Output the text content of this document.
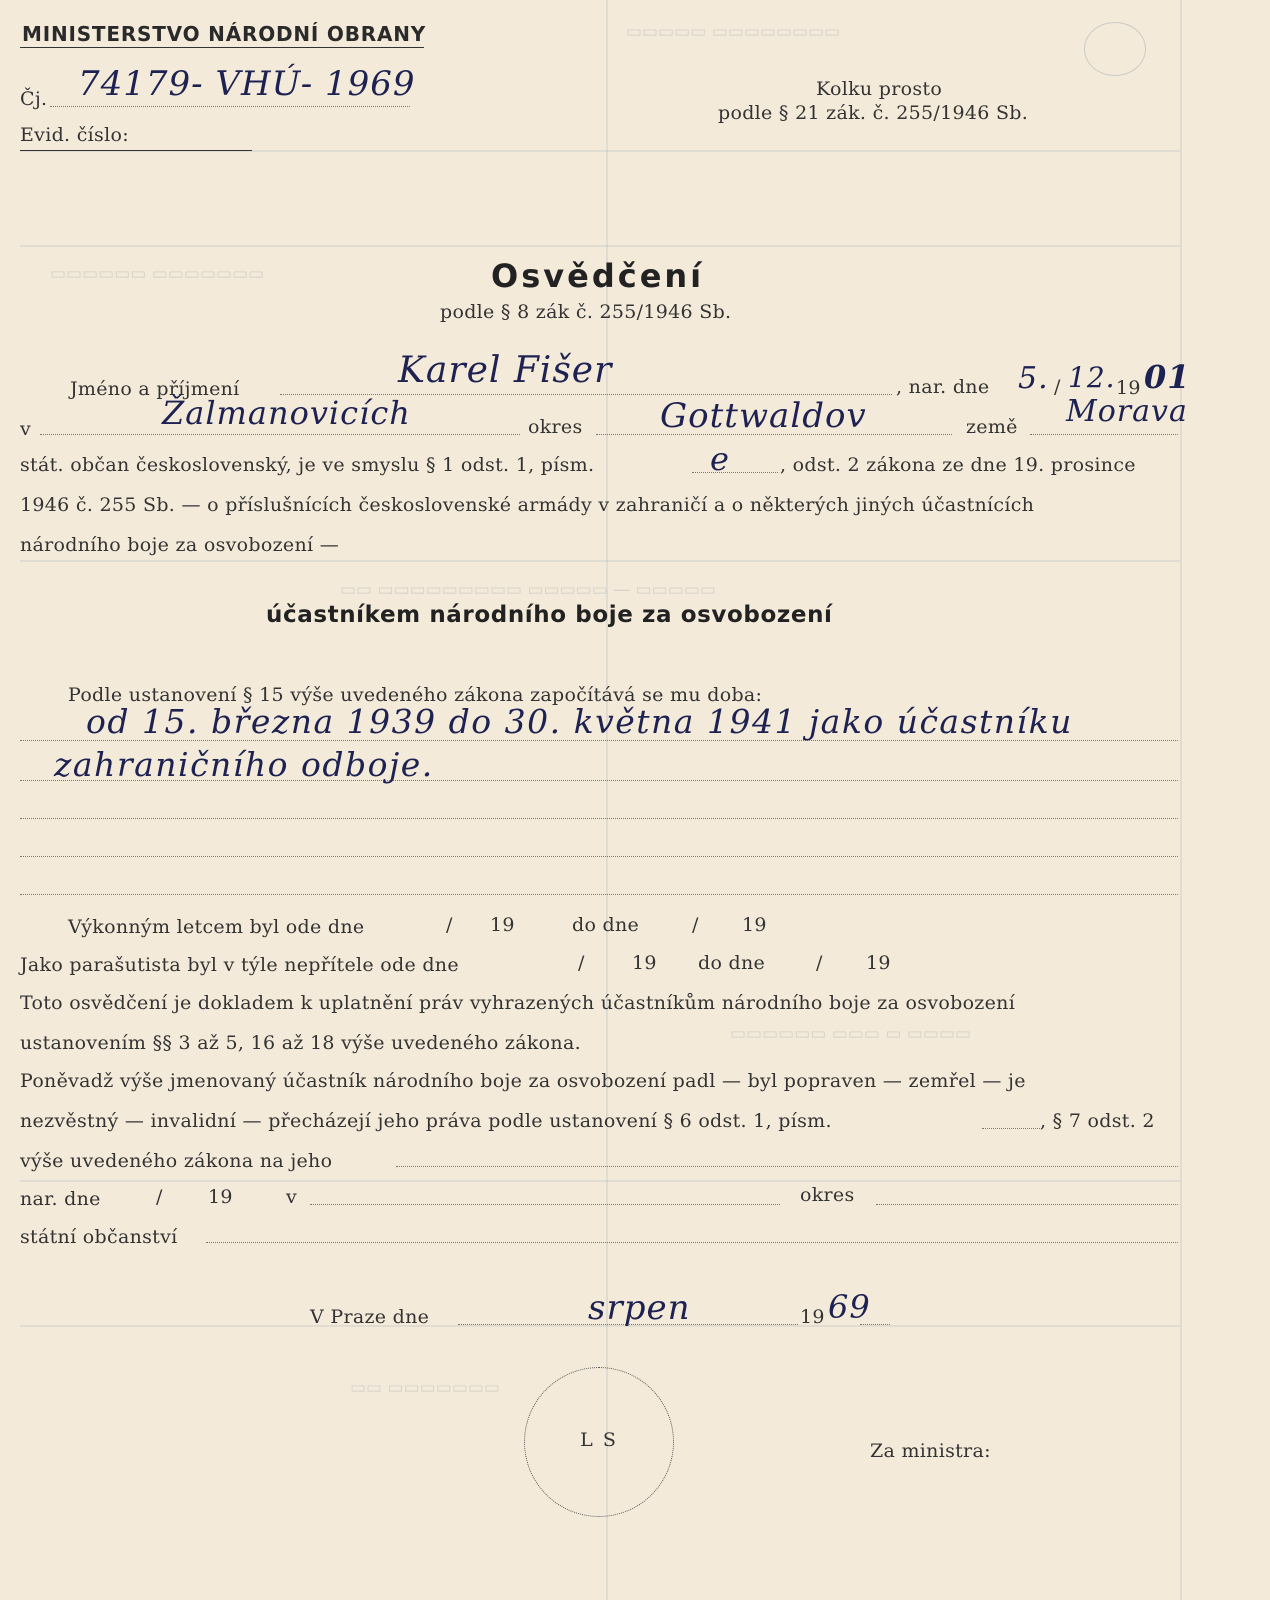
▭▭▭▭▭ ▭▭▭▭▭▭▭▭
▭▭▭▭▭▭ ▭▭▭▭▭▭▭
▭▭ ▭▭▭▭▭▭▭▭▭ ▭▭▭▭▭ — ▭▭▭▭▭
▭▭▭▭▭▭ ▭▭▭ ▭ ▭▭▭▭
▭▭ ▭▭▭▭▭▭▭
MINISTERSTVO NÁRODNÍ OBRANY
Čj. 74179- VHÚ- 1969
Evid. číslo:
Kolku prosto
podle § 21 zák. č. 255/1946 Sb.
Osvědčení
podle § 8 zák č. 255/1946 Sb.
Jméno a příjmení	Karel Fišer	, nar. dne 5. / 12. 19 01
v	Žalmanovicích	okres Gottwaldov	země Morava
stát. občan československý, je ve smyslu § 1 odst. 1, písm.	e	, odst. 2 zákona ze dne 19. prosince
1946 č. 255 Sb. — o příslušnících československé armády v zahraničí a o některých jiných účastnících
národního boje za osvobození —
účastníkem národního boje za osvobození
Podle ustanovení § 15 výše uvedeného zákona započítává se mu doba:
od 15. března 1939 do 30. května 1941 jako účastníku
zahraničního odboje.
Výkonným letcem byl ode dne	/ 19	do dne	/ 19
Jako parašutista byl v týle nepřítele ode dne	/ 19 do dne	/ 19
Toto osvědčení je dokladem k uplatnění práv vyhrazených účastníkům národního boje za osvobození
ustanovením §§ 3 až 5, 16 až 18 výše uvedeného zákona.
Poněvadž výše jmenovaný účastník národního boje za osvobození padl — byl popraven — zemřel — je
nezvěstný — invalidní — přecházejí jeho práva podle ustanovení § 6 odst. 1, písm.	, § 7 odst. 2
výše uvedeného zákona na jeho
nar. dne	/ 19	v	okres
státní občanství
V Praze dne	srpen	19 69
L S	Za ministra:
